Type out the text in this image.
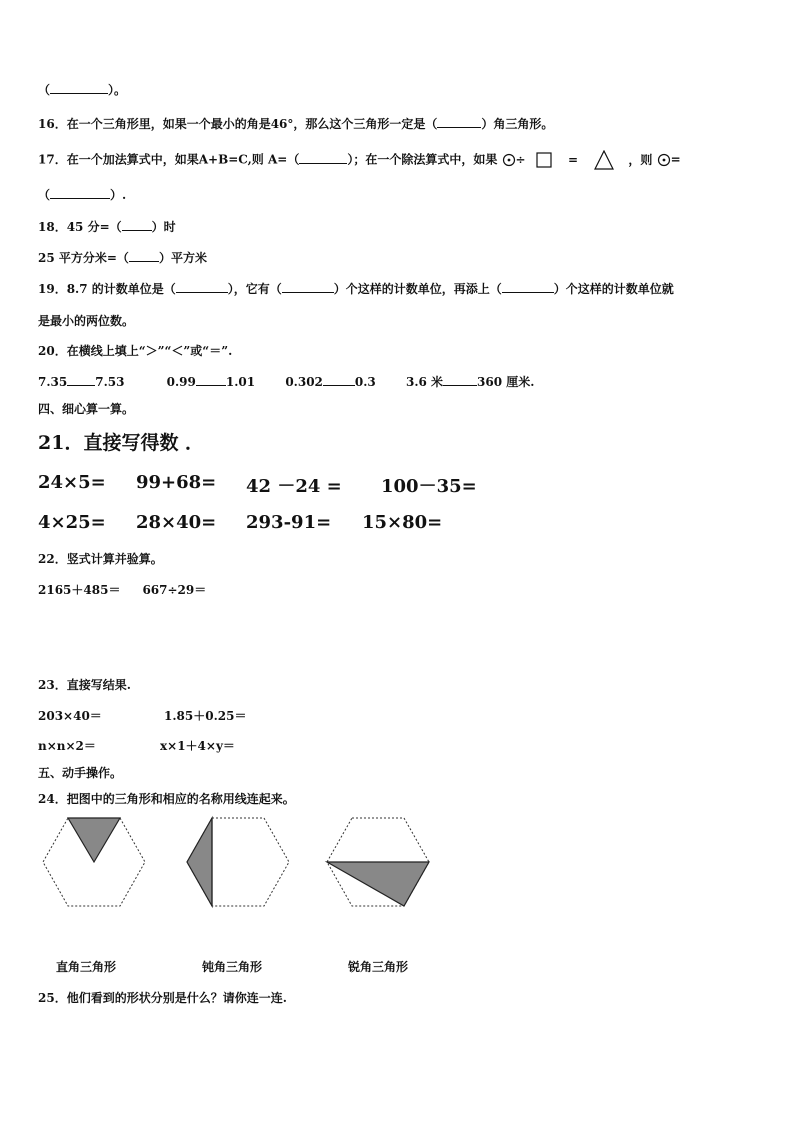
（	）。
16．在一个三角形里，如果一个最小的角是46°，那么这个三角形一定是（	）角三角形。
17．在一个加法算式中，如果A+B=C,则 A=（	）；在一个除法算式中，如果 ÷	=	，则 =
（	）.
18．45 分=（	）时
25 平方分米=（	）平方米
19．8.7 的计数单位是（	），它有（	）个这样的计数单位，再添上（	）个这样的计数单位就
是最小的两位数。
20．在横线上填上“＞”“＜”或“＝”.
7.35 7.53	0.99	1.01	0.302	0.3	3.6 米	360 厘米.
四、细心算一算。
21．直接写得数 ．
24×5= 99+68= 42 －24 = 100－35=
4×25= 28×40= 293-91= 15×80=
22．竖式计算并验算。
2165＋485＝ 667÷29＝
23．直接写结果.
203×40＝	1.85＋0.25＝
n×n×2＝	x×1＋4×y＝
五、动手操作。
24．把图中的三角形和相应的名称用线连起来。
直角三角形	钝角三角形	锐角三角形
25．他们看到的形状分别是什么？请你连一连.
